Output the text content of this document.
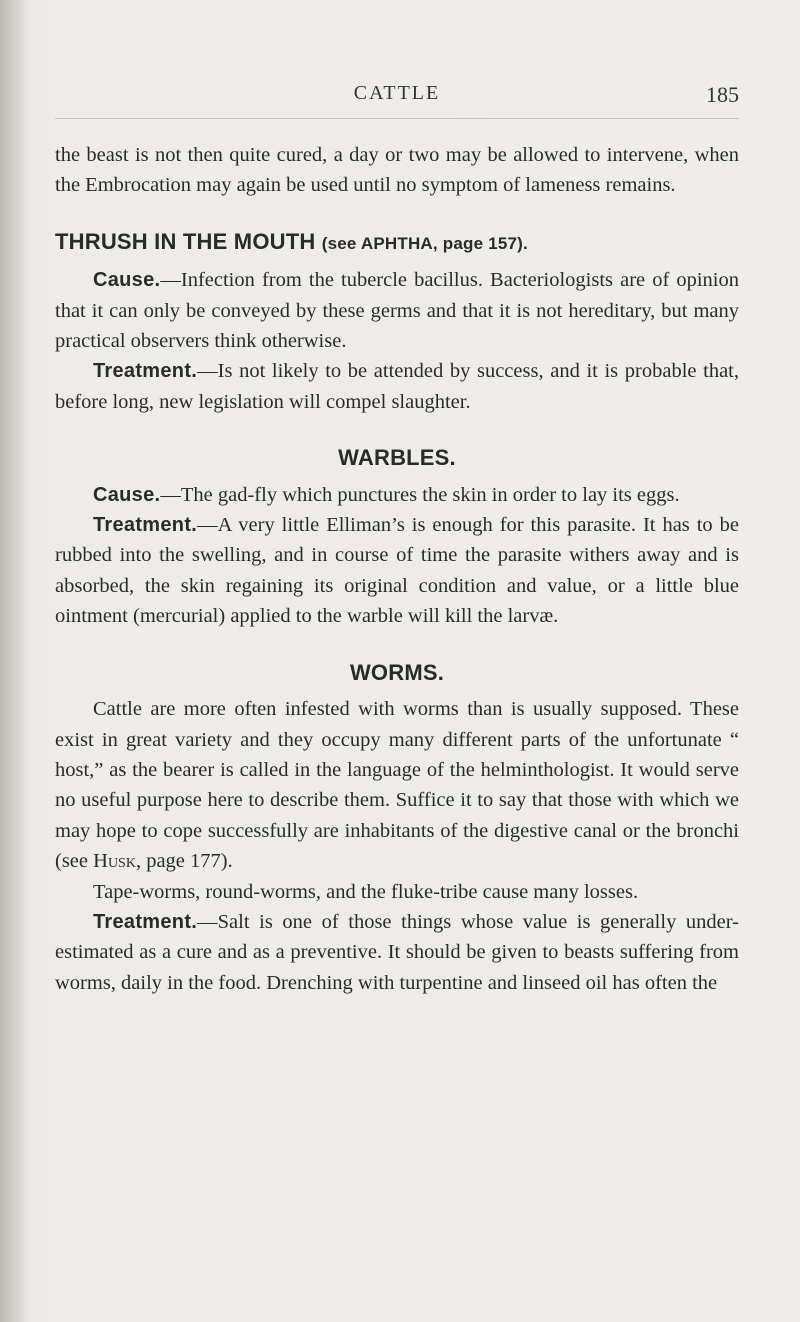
CATTLE	185

the beast is not then quite cured, a day or two may be allowed to intervene, when the Embrocation may again be used until no symptom of lameness remains.

THRUSH IN THE MOUTH (see APHTHA, page 157).

Cause.—Infection from the tubercle bacillus. Bacteriologists are of opinion that it can only be conveyed by these germs and that it is not hereditary, but many practical observers think otherwise.

Treatment.—Is not likely to be attended by success, and it is probable that, before long, new legislation will compel slaughter.

WARBLES.

Cause.—The gad-fly which punctures the skin in order to lay its eggs.

Treatment.—A very little Elliman’s is enough for this parasite. It has to be rubbed into the swelling, and in course of time the parasite withers away and is absorbed, the skin regaining its original condition and value, or a little blue ointment (mercurial) applied to the warble will kill the larvæ.

WORMS.

Cattle are more often infested with worms than is usually supposed. These exist in great variety and they occupy many different parts of the unfortunate “ host,” as the bearer is called in the language of the helminthologist. It would serve no useful purpose here to describe them. Suffice it to say that those with which we may hope to cope successfully are inhabitants of the digestive canal or the bronchi (see Husk, page 177).

Tape-worms, round-worms, and the fluke-tribe cause many losses.

Treatment.—Salt is one of those things whose value is generally under-estimated as a cure and as a preventive. It should be given to beasts suffering from worms, daily in the food. Drenching with turpentine and linseed oil has often the
